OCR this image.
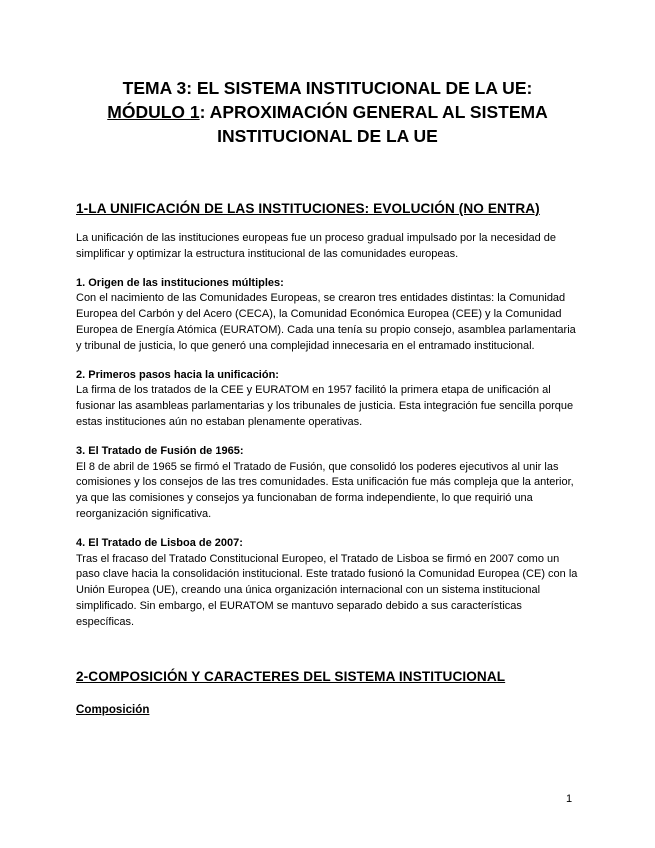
TEMA 3: EL SISTEMA INSTITUCIONAL DE LA UE:
MÓDULO 1: APROXIMACIÓN GENERAL AL SISTEMA
INSTITUCIONAL DE LA UE
1-LA UNIFICACIÓN DE LAS INSTITUCIONES: EVOLUCIÓN (NO ENTRA)

La unificación de las instituciones europeas fue un proceso gradual impulsado por la necesidad de simplificar y optimizar la estructura institucional de las comunidades europeas.

1. Origen de las instituciones múltiples:
Con el nacimiento de las Comunidades Europeas, se crearon tres entidades distintas: la Comunidad Europea del Carbón y del Acero (CECA), la Comunidad Económica Europea (CEE) y la Comunidad Europea de Energía Atómica (EURATOM). Cada una tenía su propio consejo, asamblea parlamentaria y tribunal de justicia, lo que generó una complejidad innecesaria en el entramado institucional.
2. Primeros pasos hacia la unificación:
La firma de los tratados de la CEE y EURATOM en 1957 facilitó la primera etapa de unificación al fusionar las asambleas parlamentarias y los tribunales de justicia. Esta integración fue sencilla porque estas instituciones aún no estaban plenamente operativas.
3. El Tratado de Fusión de 1965:
El 8 de abril de 1965 se firmó el Tratado de Fusión, que consolidó los poderes ejecutivos al unir las comisiones y los consejos de las tres comunidades. Esta unificación fue más compleja que la anterior, ya que las comisiones y consejos ya funcionaban de forma independiente, lo que requirió una reorganización significativa.
4. El Tratado de Lisboa de 2007:
Tras el fracaso del Tratado Constitucional Europeo, el Tratado de Lisboa se firmó en 2007 como un paso clave hacia la consolidación institucional. Este tratado fusionó la Comunidad Europea (CE) con la Unión Europea (UE), creando una única organización internacional con un sistema institucional simplificado. Sin embargo, el EURATOM se mantuvo separado debido a sus características específicas.
2-COMPOSICIÓN Y CARACTERES DEL SISTEMA INSTITUCIONAL
Composición
1
